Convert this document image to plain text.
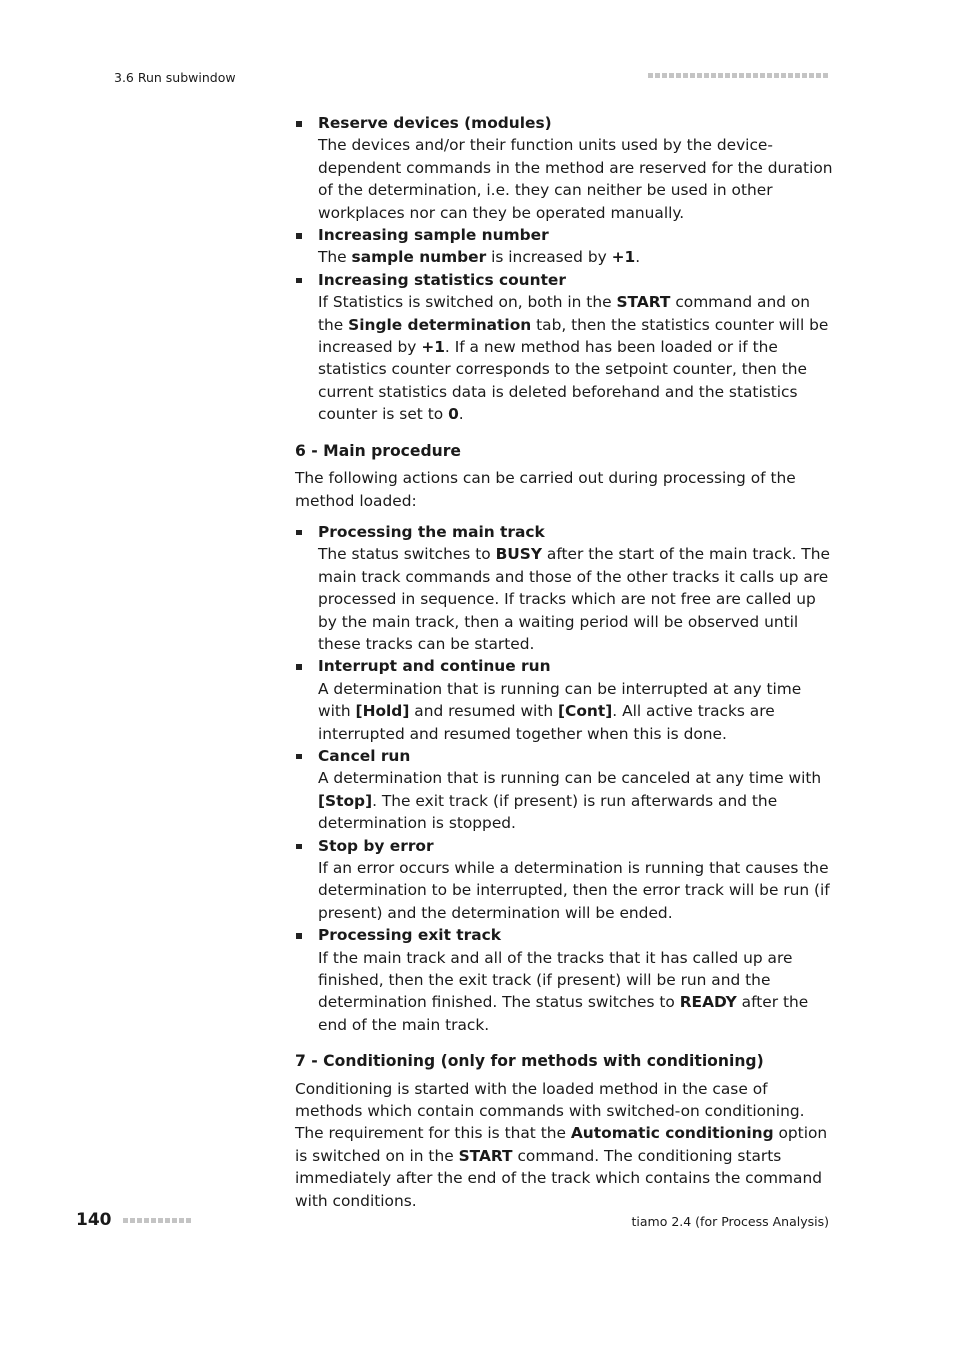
3.6 Run subwindow
Reserve devices (modules)
The devices and/or their function units used by the device-dependent commands in the method are reserved for the duration of the determination, i.e. they can neither be used in other workplaces nor can they be operated manually.
Increasing sample number
The sample number is increased by +1.
Increasing statistics counter
If Statistics is switched on, both in the START command and on the Single determination tab, then the statistics counter will be increased by +1. If a new method has been loaded or if the statistics counter corresponds to the setpoint counter, then the current statistics data is deleted beforehand and the statistics counter is set to 0.
6 - Main procedure

The following actions can be carried out during processing of the method loaded:

Processing the main track
The status switches to BUSY after the start of the main track. The main track commands and those of the other tracks it calls up are processed in sequence. If tracks which are not free are called up by the main track, then a waiting period will be observed until these tracks can be started.
Interrupt and continue run
A determination that is running can be interrupted at any time with [Hold] and resumed with [Cont]. All active tracks are interrupted and resumed together when this is done.
Cancel run
A determination that is running can be canceled at any time with [Stop]. The exit track (if present) is run afterwards and the determination is stopped.
Stop by error
If an error occurs while a determination is running that causes the determination to be interrupted, then the error track will be run (if present) and the determination will be ended.
Processing exit track
If the main track and all of the tracks that it has called up are finished, then the exit track (if present) will be run and the determination finished. The status switches to READY after the end of the main track.
7 - Conditioning (only for methods with conditioning)

Conditioning is started with the loaded method in the case of methods which contain commands with switched-on conditioning. The requirement for this is that the Automatic conditioning option is switched on in the START command. The conditioning starts immediately after the end of the track which contains the command with conditions.

140	tiamo 2.4 (for Process Analysis)
